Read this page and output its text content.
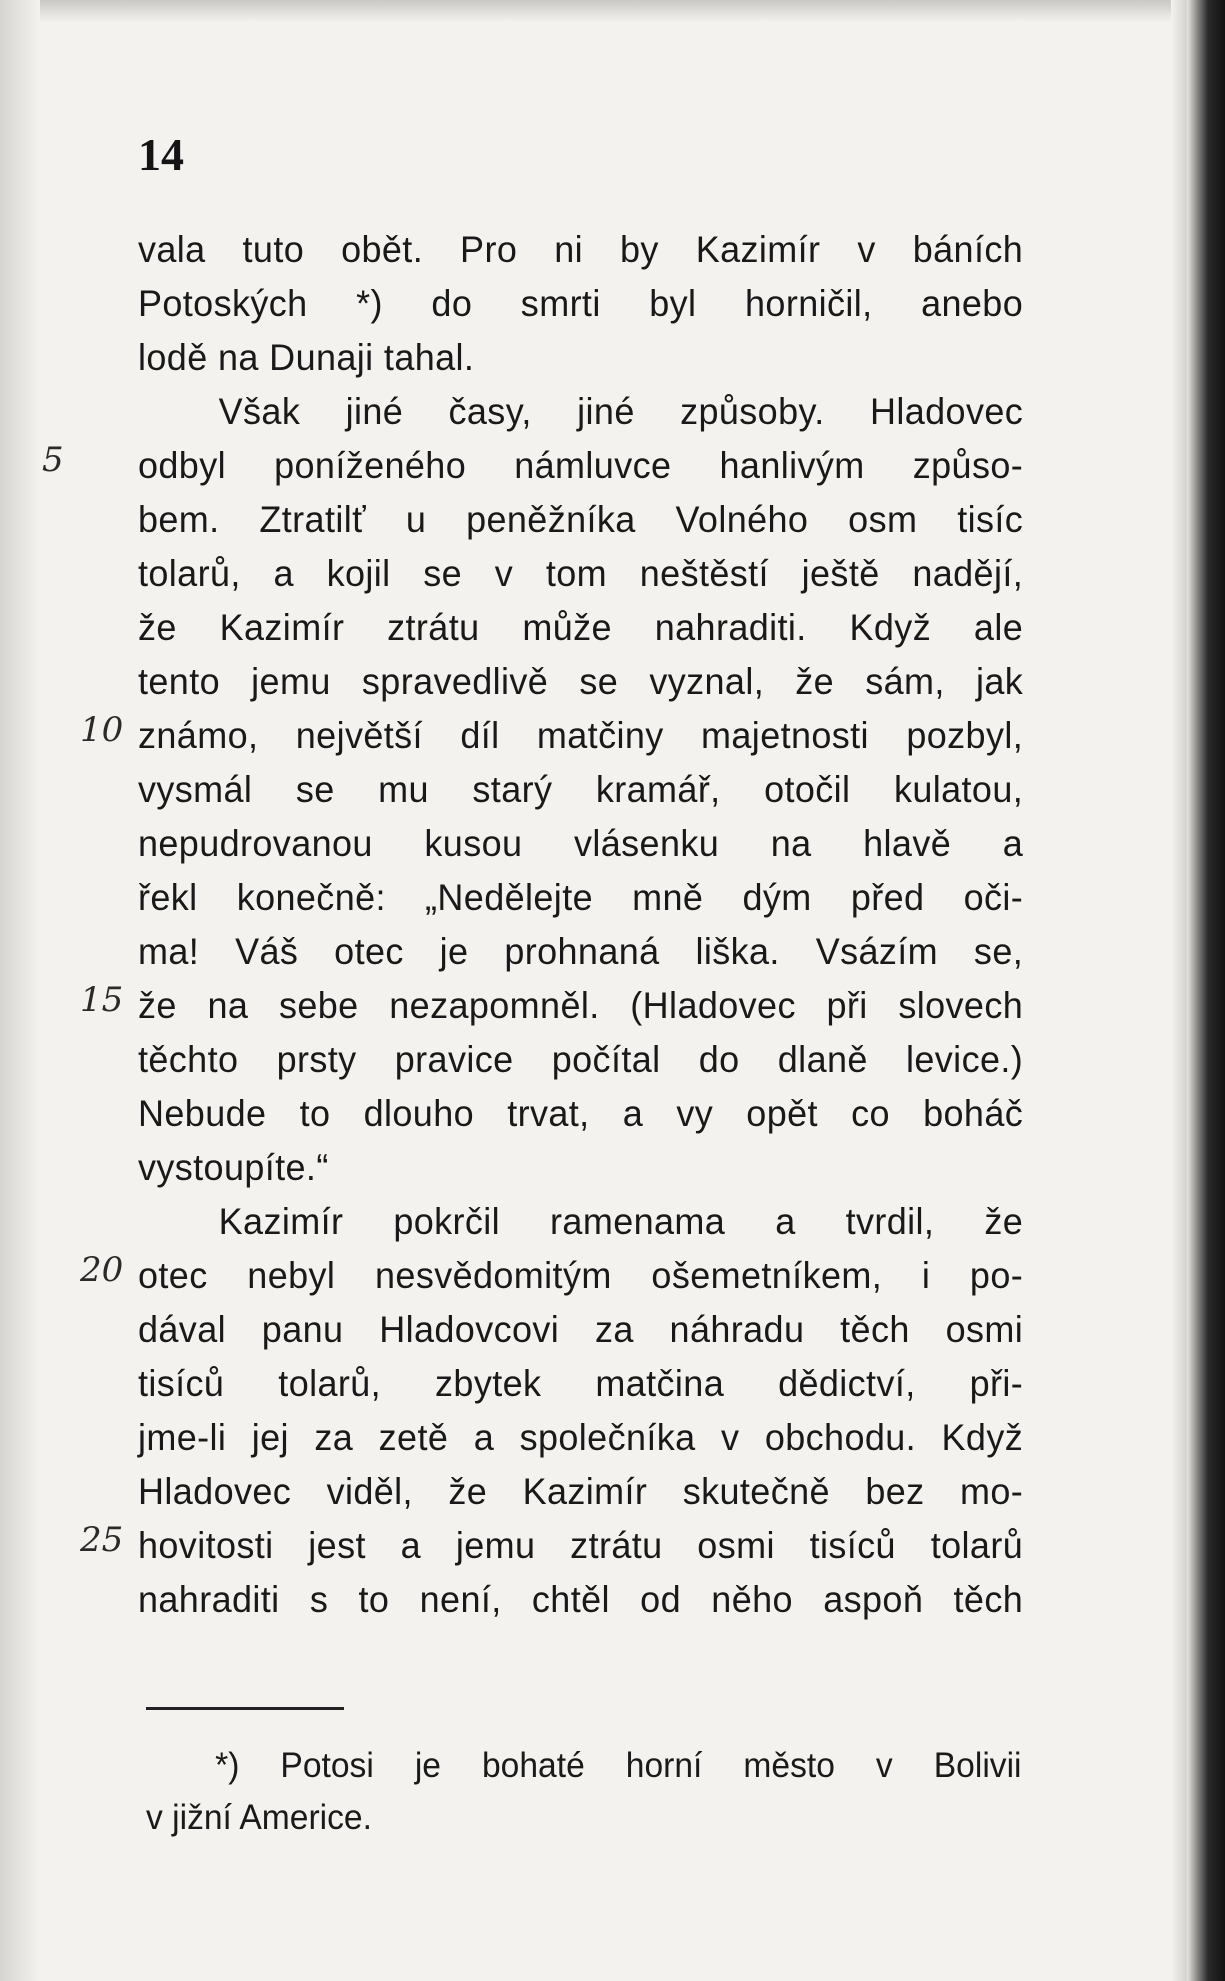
14
5
10
15
20
25
vala tuto obět. Pro ni by Kazimír v báních
Potoských *) do smrti byl horničil, anebo
lodě na Dunaji tahal.
Však jiné časy, jiné způsoby. Hladovec
odbyl poníženého námluvce hanlivým způso-
bem. Ztratilť u peněžníka Volného osm tisíc
tolarů, a kojil se v tom neštěstí ještě nadějí,
že Kazimír ztrátu může nahraditi. Když ale
tento jemu spravedlivě se vyznal, že sám, jak
známo, největší díl matčiny majetnosti pozbyl,
vysmál se mu starý kramář, otočil kulatou,
nepudrovanou kusou vlásenku na hlavě a
řekl konečně: „Nedělejte mně dým před oči-
ma! Váš otec je prohnaná liška. Vsázím se,
že na sebe nezapomněl. (Hladovec při slovech
těchto prsty pravice počítal do dlaně levice.)
Nebude to dlouho trvat, a vy opět co boháč
vystoupíte.“
Kazimír pokrčil ramenama a tvrdil, že
otec nebyl nesvědomitým ošemetníkem, i po-
dával panu Hladovcovi za náhradu těch osmi
tisíců tolarů, zbytek matčina dědictví, při-
jme-li jej za zetě a společníka v obchodu. Když
Hladovec viděl, že Kazimír skutečně bez mo-
hovitosti jest a jemu ztrátu osmi tisíců tolarů
nahraditi s to není, chtěl od něho aspoň těch
*) Potosi je bohaté horní město v Bolivii
v jižní Americe.
